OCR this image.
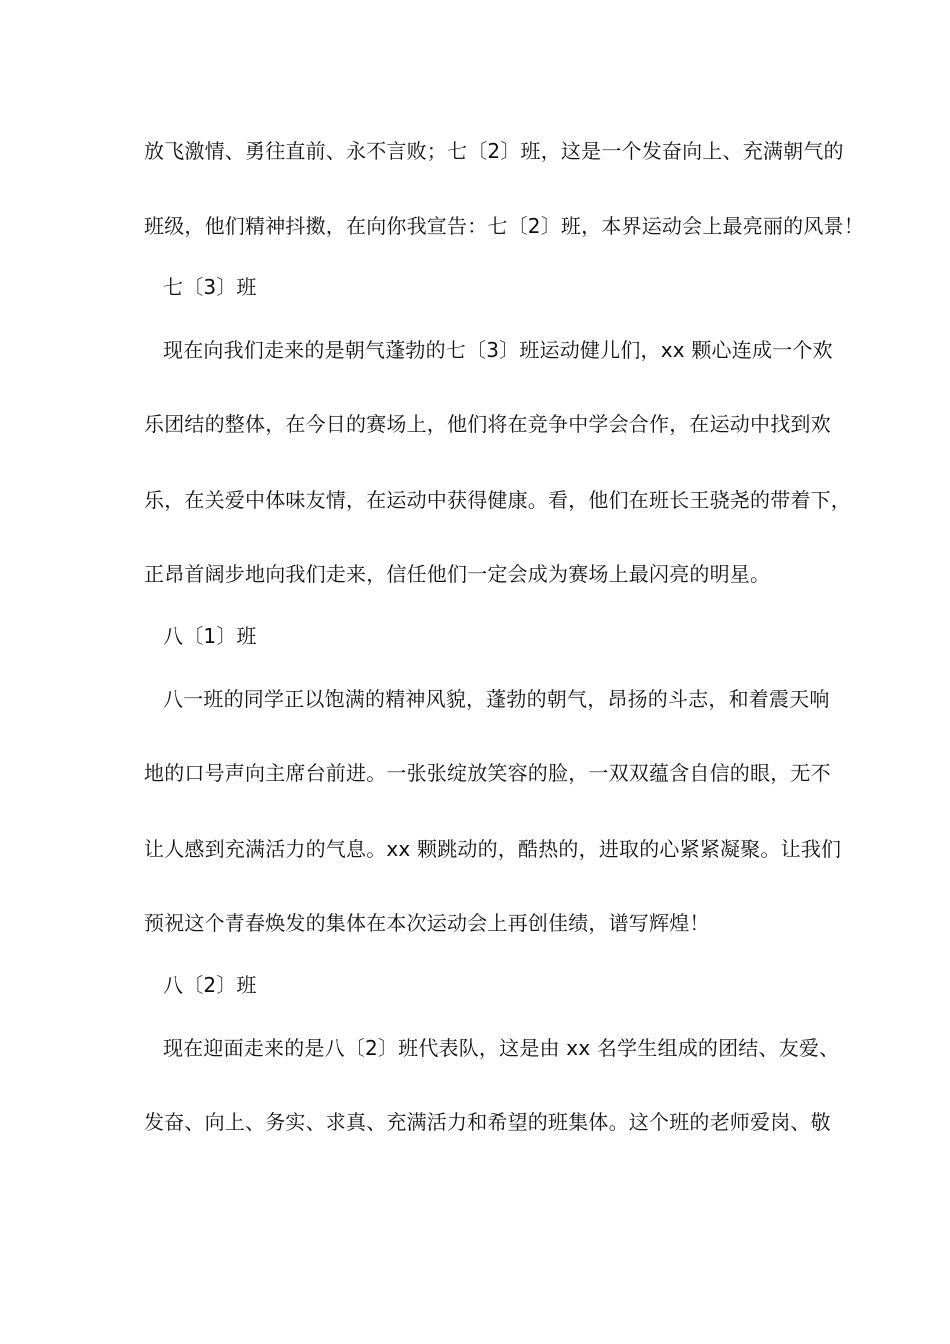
放飞激情、勇往直前、永不言败；七〔2〕班，这是一个发奋向上、充满朝气的
班级，他们精神抖擞，在向你我宣告：七〔2〕班，本界运动会上最亮丽的风景！
七〔3〕班
现在向我们走来的是朝气蓬勃的七〔3〕班运动健儿们，xx 颗心连成一个欢
乐团结的整体，在今日的赛场上，他们将在竞争中学会合作，在运动中找到欢
乐，在关爱中体味友情，在运动中获得健康。看，他们在班长王骁尧的带着下，
正昂首阔步地向我们走来，信任他们一定会成为赛场上最闪亮的明星。
八〔1〕班
八一班的同学正以饱满的精神风貌，蓬勃的朝气，昂扬的斗志，和着震天响
地的口号声向主席台前进。一张张绽放笑容的脸，一双双蕴含自信的眼，无不
让人感到充满活力的气息。xx 颗跳动的，酷热的，进取的心紧紧凝聚。让我们
预祝这个青春焕发的集体在本次运动会上再创佳绩，谱写辉煌！
八〔2〕班
现在迎面走来的是八〔2〕班代表队，这是由 xx 名学生组成的团结、友爱、
发奋、向上、务实、求真、充满活力和希望的班集体。这个班的老师爱岗、敬
